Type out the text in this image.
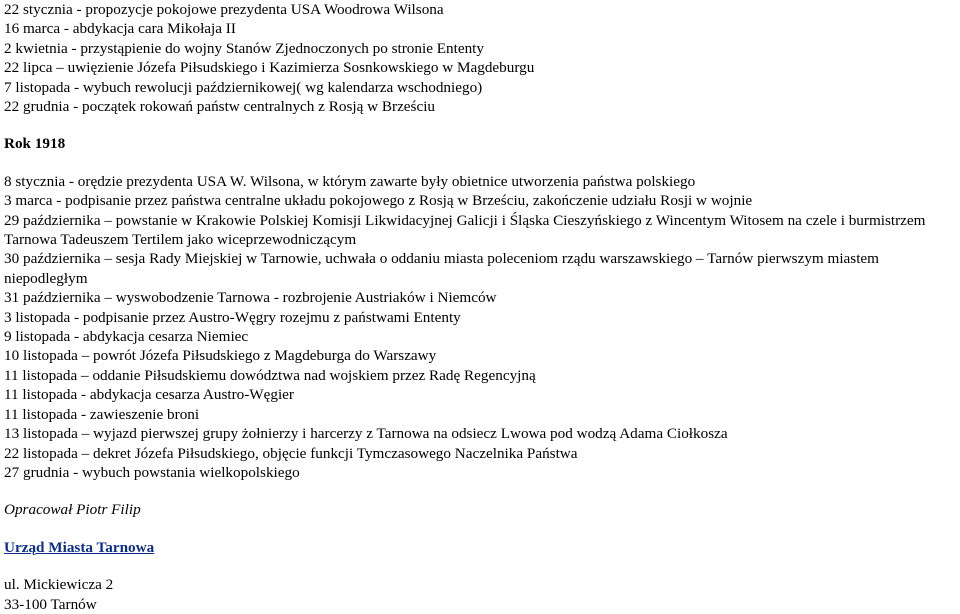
22 stycznia - propozycje pokojowe prezydenta USA Woodrowa Wilsona
16 marca - abdykacja cara Mikołaja II
2 kwietnia - przystąpienie do wojny Stanów Zjednoczonych po stronie Ententy
22 lipca – uwięzienie Józefa Piłsudskiego i Kazimierza Sosnkowskiego w Magdeburgu
7 listopada - wybuch rewolucji październikowej( wg kalendarza wschodniego)
22 grudnia - początek rokowań państw centralnych z Rosją w Brześciu
Rok 1918
8 stycznia - orędzie prezydenta USA W. Wilsona, w którym zawarte były obietnice utworzenia państwa polskiego
3 marca - podpisanie przez państwa centralne układu pokojowego z Rosją w Brześciu, zakończenie udziału Rosji w wojnie
29 października – powstanie w Krakowie Polskiej Komisji Likwidacyjnej Galicji i Śląska Cieszyńskiego z Wincentym Witosem na czele i burmistrzem Tarnowa Tadeuszem Tertilem jako wiceprzewodniczącym
30 października – sesja Rady Miejskiej w Tarnowie, uchwała o oddaniu miasta poleceniom rządu warszawskiego – Tarnów pierwszym miastem niepodległym
31 października – wyswobodzenie Tarnowa - rozbrojenie Austriaków i Niemców
3 listopada - podpisanie przez Austro-Węgry rozejmu z państwami Ententy
9 listopada - abdykacja cesarza Niemiec
10 listopada – powrót Józefa Piłsudskiego z Magdeburga do Warszawy
11 listopada – oddanie Piłsudskiemu dowództwa nad wojskiem przez Radę Regencyjną
11 listopada - abdykacja cesarza Austro-Węgier
11 listopada - zawieszenie broni
13 listopada – wyjazd pierwszej grupy żołnierzy i harcerzy z Tarnowa na odsiecz Lwowa pod wodzą Adama Ciołkosza
22 listopada – dekret Józefa Piłsudskiego, objęcie funkcji Tymczasowego Naczelnika Państwa
27 grudnia - wybuch powstania wielkopolskiego
Opracował Piotr Filip
Urząd Miasta Tarnowa
ul. Mickiewicza 2
33-100 Tarnów
